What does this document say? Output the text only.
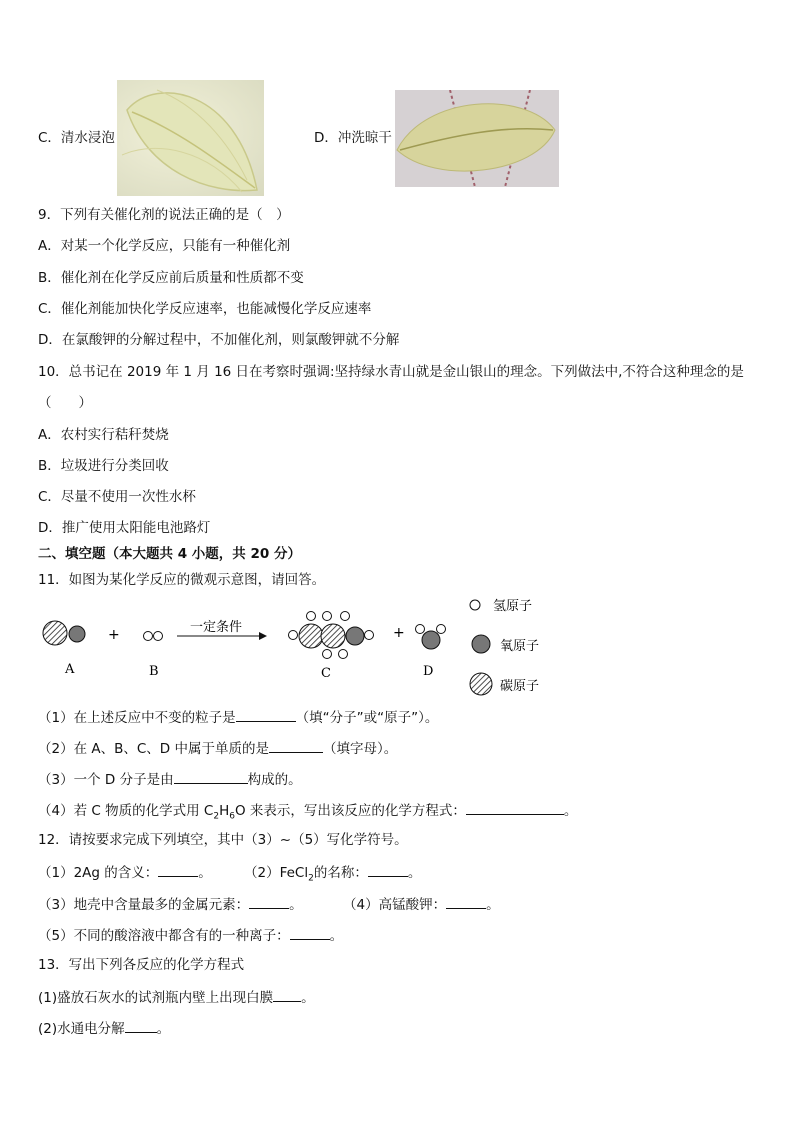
C．清水浸泡	D．冲洗晾干
9．下列有关催化剂的说法正确的是（　）
A．对某一个化学反应，只能有一种催化剂
B．催化剂在化学反应前后质量和性质都不变
C．催化剂能加快化学反应速率，也能减慢化学反应速率
D．在氯酸钾的分解过程中，不加催化剂，则氯酸钾就不分解
10．总书记在 2019 年 1 月 16 日在考察时强调:坚持绿水青山就是金山银山的理念。下列做法中,不符合这种理念的是
（　　）
A．农村实行秸秆焚烧
B．垃圾进行分类回收
C．尽量不使用一次性水杯
D．推广使用太阳能电池路灯
二、填空题（本大题共 4 小题，共 20 分）
11．如图为某化学反应的微观示意图，请回答。
+	一定条件	+
A	B	C	D
氢原子
氧原子
碳原子
（1）在上述反应中不变的粒子是	（填“分子”或“原子”）。
（2）在 A、B、C、D 中属于单质的是	（填字母）。
（3）一个 D 分子是由	构成的。
（4）若 C 物质的化学式用 $C_2H_6O$ 来表示，写出该反应的化学方程式：	。
12．请按要求完成下列填空，其中（3）~（5）写化学符号。
（1）2Ag 的含义：	。 （2）FeCl$_2$的名称：	。
（3）地壳中含量最多的金属元素：	。	（4）高锰酸钾：	。
（5）不同的酸溶液中都含有的一种离子：	。
13．写出下列各反应的化学方程式
(1)盛放石灰水的试剂瓶内壁上出现白膜 。
(2)水通电分解 。
